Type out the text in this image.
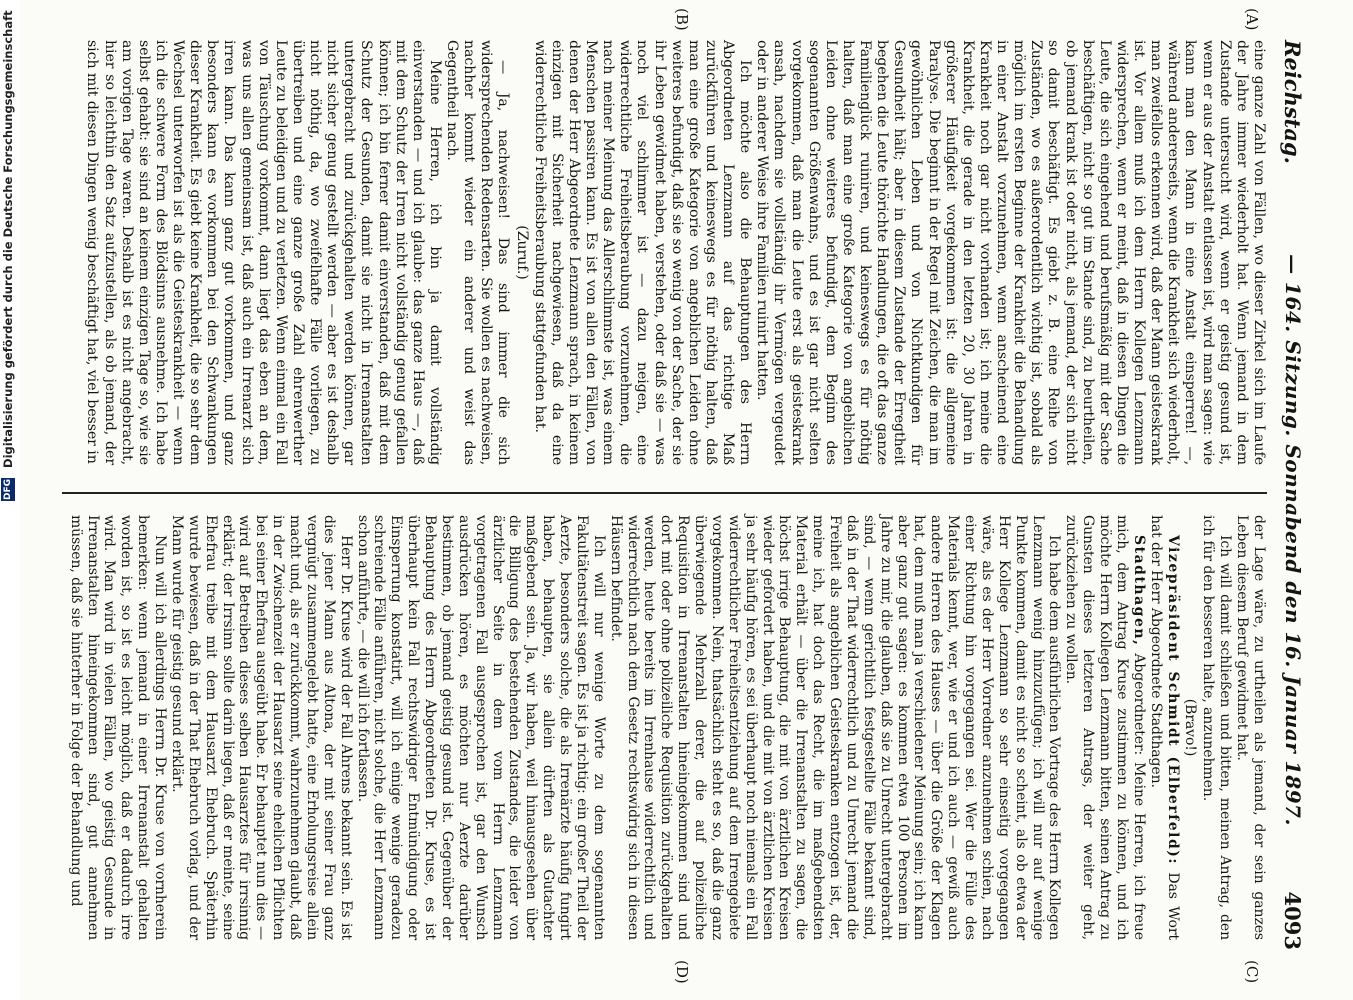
Reichstag.
— 164. Sitzung. Sonnabend den 16. Januar 1897.
4093
(A)
(B)
(C)
(D)

eine ganze Zahl von Fällen, wo dieser Zirkel sich im Laufe der Jahre immer wiederholt hat. Wenn jemand in dem Zustande untersucht wird, wenn er geistig gesund ist, wenn er aus der Anstalt entlassen ist, wird man sagen: wie kann man den Mann in eine Anstalt einsperren! —, während andererseits, wenn die Krankheit sich wiederholt, man zweifellos erkennen wird, daß der Mann geisteskrank ist. Vor allem muß ich dem Herrn Kollegen Lenzmann widersprechen, wenn er meint, daß in diesen Dingen die Leute, die sich eingehend und berufsmäßig mit der Sache beschäftigen, nicht so gut im Stande sind, zu beurtheilen, ob jemand krank ist oder nicht, als jemand, der sich nicht so damit beschäftigt. Es giebt z. B. eine Reihe von Zuständen, wo es außerordentlich wichtig ist, sobald als möglich im ersten Beginne der Krankheit die Behandlung in einer Anstalt vorzunehmen, wenn anscheinend eine Krankheit noch gar nicht vorhanden ist; ich meine die Krankheit, die gerade in den letzten 20, 30 Jahren in größerer Häufigkeit vorgekommen ist: die allgemeine Paralyse. Die beginnt in der Regel mit Zeichen, die man im gewöhnlichen Leben und von Nichtkundigen für Gesundheit hält; aber in diesem Zustande der Erregtheit begehen die Leute thörichte Handlungen, die oft das ganze Familienglück ruiniren, und keineswegs es für nöthig halten, daß man eine große Kategorie von angeblichen Leiden ohne weiteres befundigt, dem Beginn des sogenannten Größenwahns, und es ist gar nicht selten vorgekommen, daß man die Leute erst als geisteskrank ansah, nachdem sie vollständig ihr Vermögen vergeudet oder in anderer Weise ihre Familien ruinirt hatten.

Ich möchte also die Behauptungen des Herrn Abgeordneten Lenzmann auf das richtige Maß zurückführen und keineswegs es für nöthig halten, daß man eine große Kategorie von angeblichen Leiden ohne weiteres befundigt, daß sie so wenig von der Sache, der sie ihr Leben gewidmet haben, verstehen, oder daß sie — was noch viel schlimmer ist — dazu neigen, eine widerrechtliche Freiheitsberaubung vorzunehmen, die nach meiner Meinung das Allerschlimmste ist, was einem Menschen passiren kann. Es ist von allen den Fällen, von denen der Herr Abgeordnete Lenzmann sprach, in keinem einzigen mit Sicherheit nachgewiesen, daß da eine widerrechtliche Freiheitsberaubung stattgefunden hat.

(Zuruf.)

— Ja, nachweisen! Das sind immer die sich widersprechenden Redensarten. Sie wollen es nachweisen, nachher kommt wieder ein anderer und weist das Gegentheil nach.

Meine Herren, ich bin ja damit vollständig einverstanden — und ich glaube: das ganze Haus —, daß mit dem Schutz der Irren nicht vollständig genug gefallen können; ich bin ferner damit einverstanden, daß mit dem Schutz der Gesunden, damit sie nicht in Irrenanstalten untergebracht und zurückgehalten werden können, gar nicht sicher genug gestellt werden — aber es ist deshalb nicht nöthig, da, wo zweifelhafte Fälle vorliegen, zu übertreiben und eine ganze große Zahl ehrenwerther Leute zu beleidigen und zu verletzen. Wenn einmal ein Fall von Täuschung vorkommt, dann liegt das eben an dem, was uns allen gemeinsam ist, daß auch ein Irrenarzt sich irren kann. Das kann ganz gut vorkommen, und ganz besonders kann es vorkommen bei den Schwankungen dieser Krankheit. Es giebt keine Krankheit, die so sehr dem Wechsel unterworfen ist als die Geisteskrankheit — wenn ich die schwere Form des Blödsinns ausnehme. Ich habe selbst gehabt: sie sind an keinem einzigen Tage so, wie sie am vorigen Tage waren. Deshalb ist es nicht angebracht, hier so leichthin den Satz aufzustellen, als ob jemand, der sich mit diesen Dingen wenig beschäftigt hat, viel besser in

der Lage wäre, zu urtheilen als jemand, der sein ganzes Leben diesem Beruf gewidmet hat.

Ich will damit schließen und bitten, meinen Antrag, den ich für den besseren halte, anzunehmen.

(Bravo!)

Vizepräsident Schmidt (Elberfeld): Das Wort hat der Herr Abgeordnete Stadthagen.

Stadthagen, Abgeordneter: Meine Herren, ich freue mich, dem Antrag Kruse zustimmen zu können, und ich möchte Herrn Kollegen Lenzmann bitten, seinen Antrag zu Gunsten dieses letzteren Antrags, der weiter geht, zurückziehen zu wollen.

Ich habe dem ausführlichen Vortrage des Herrn Kollegen Lenzmann wenig hinzuzufügen; ich will nur auf wenige Punkte kommen, damit es nicht so scheint, als ob etwa der Herr Kollege Lenzmann so sehr einseitig vorgegangen wäre, als es der Herr Vorredner anzunehmen schien, nach einer Richtung hin vorgegangen sei. Wer die Fülle des Materials kennt, wer, wie er und ich auch — gewiß auch andere Herren des Hauses — über die Größe der Klagen hat, dem muß man ja verschiedener Meinung sein; ich kann aber ganz gut sagen: es kommen etwa 100 Personen im Jahre zu mir, die glauben, daß sie zu Unrecht untergebracht sind, — wenn gerichtlich festgestellte Fälle bekannt sind, daß in der That widerrechtlich und zu Unrecht jemand die Freiheit als angeblichen Geisteskranken entzogen ist, der, meine ich, hat doch das Recht, die im maßgebendsten Material erhält — über die Irrenanstalten zu sagen, die höchst irrige Behauptung, die mit von ärztlichen Kreisen wieder gefordert haben, und die mit von ärztlichen Kreisen ja sehr häufig hören, es sei überhaupt noch niemals ein Fall widerrechtlicher Freiheitsentziehung auf dem Irrengebiete vorgekommen. Nein, thatsächlich steht es so, daß die ganz überwiegende Mehrzahl derer, die auf polizeiliche Requisition in Irrenanstalten hineingekommen sind und dort mit oder ohne polizeiliche Requisition zurückgehalten werden, heute bereits im Irrenhause widerrechtlich und widerrechtlich nach dem Gesetz rechtswidrig sich in diesen Häusern befindet.

Ich will nur wenige Worte zu dem sogenannten Fakultätenstreit sagen. Es ist ja richtig: ein großer Theil der Aerzte, besonders solche, die als Irrenärzte häufig fungirt haben, behaupten, sie allein dürften als Gutachter maßgebend sein. Ja, wir haben, weil hinausgesehen über die Billigung des bestehenden Zustandes, die leider von ärztlicher Seite in dem vom Herrn Lenzmann vorgetragenen Fall ausgesprochen ist, gar den Wunsch ausdrücken hören, es möchten nur Aerzte darüber bestimmen, ob jemand geistig gesund ist. Gegenüber der Behauptung des Herrn Abgeordneten Dr. Kruse, es ist überhaupt kein Fall rechtswidriger Entmündigung oder Einsperrung konstatirt, will ich einige wenige geradezu schreiende Fälle anführen, nicht solche, die Herr Lenzmann schon anführte, — die will ich fortlassen.

Herr Dr. Kruse wird der Fall Ahrens bekannt sein. Es ist dies jener Mann aus Altona, der mit seiner Frau ganz vergnügt zusammengelebt hatte, eine Erholungsreise allein macht und, als er zurückkommt, wahrzunehmen glaubt, daß in der Zwischenzeit der Hausarzt seine ehelichen Pflichten bei seiner Ehefrau ausgeübt habe. Er behauptet nun dies — wird auf Betreiben dieses selben Hausarztes für irrsinnig erklärt; der Irrsinn sollte darin liegen, daß er meinte, seine Ehefrau treibe mit dem Hausarzt Ehebruch. Späterhin wurde bewiesen, daß in der That Ehebruch vorlag, und der Mann wurde für geistig gesund erklärt.

Nun will ich allerdings Herrn Dr. Kruse von vornherein bemerken: wenn jemand in einer Irrenanstalt gehalten worden ist, so ist es leicht möglich, daß er dadurch irre wird. Man wird in vielen Fällen, wo geistig Gesunde in Irrenanstalten hineingekommen sind, gut annehmen müssen, daß sie hinterher in Folge der Behandlung und

DFG Digitalisierung gefördert durch die Deutsche Forschungsgemeinschaft
